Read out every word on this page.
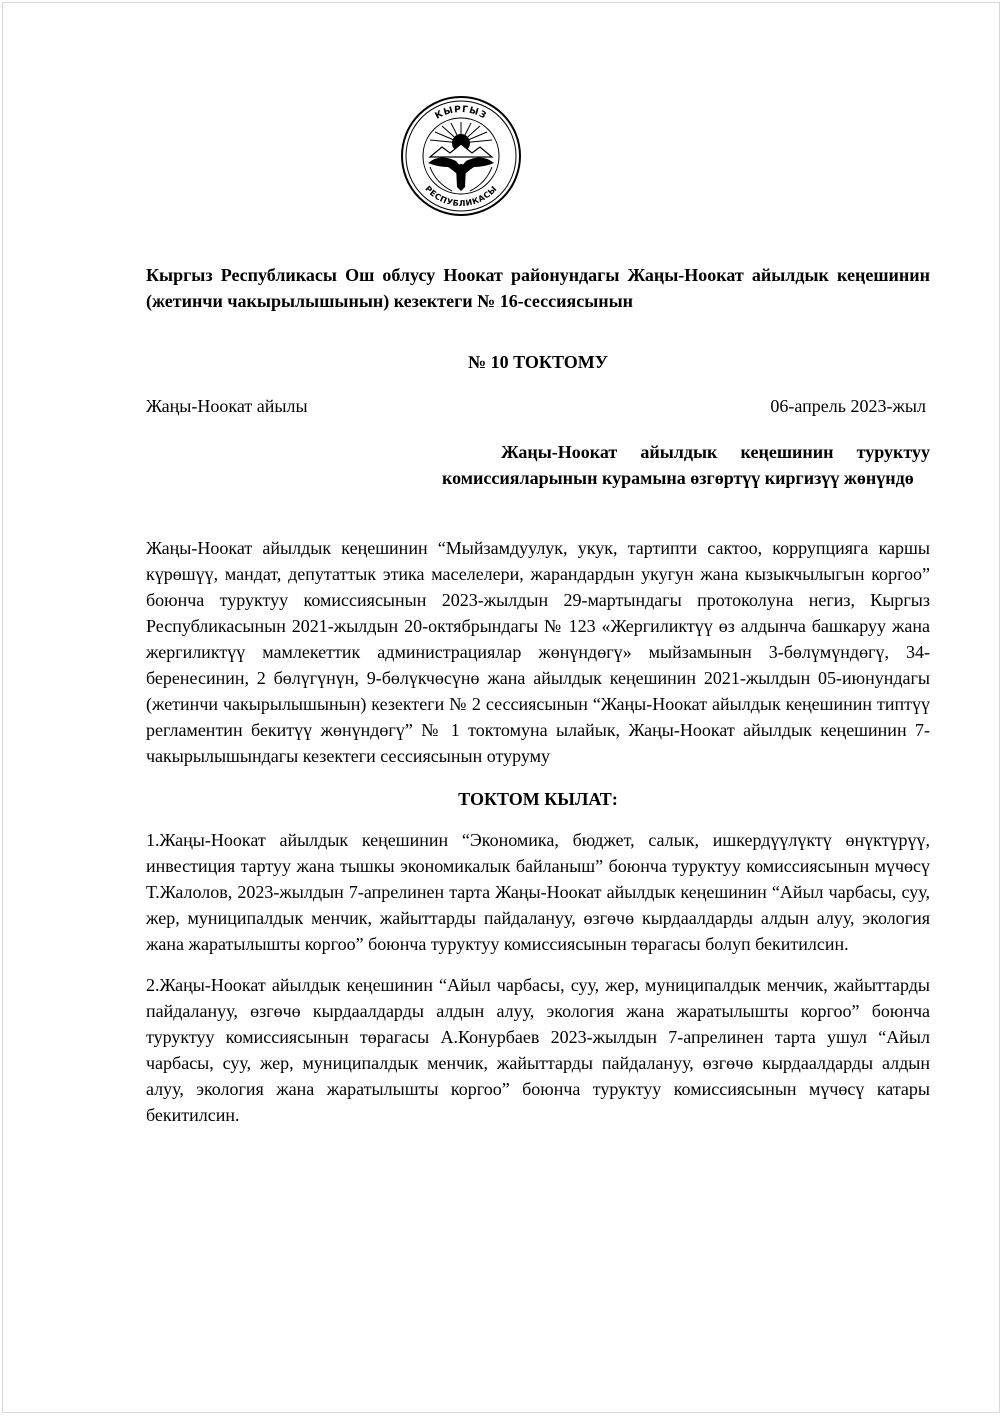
КЫРГЫЗ
РЕСПУБЛИКАСЫ
Кыргыз Республикасы Ош облусу Ноокат районундагы Жаңы-Ноокат айылдык кеңешинин (жетинчи чакырылышынын) кезектеги № 16-сессиясынын
№ 10 ТОКТОМУ
Жаңы-Ноокат айылы	06-апрель 2023-жыл
Жаңы-Ноокат айылдык кеңешинин туруктуу комиссияларынын курамына өзгөртүү киргизүү жөнүндө
Жаңы-Ноокат айылдык кеңешинин “Мыйзамдуулук, укук, тартипти сактоо, коррупцияга каршы күрөшүү, мандат, депутаттык этика маселелери, жарандардын укугун жана кызыкчылыгын коргоо” боюнча туруктуу комиссиясынын 2023-жылдын 29-мартындагы протоколуна негиз, Кыргыз Республикасынын 2021-жылдын 20-октябрындагы № 123 «Жергиликтүү өз алдынча башкаруу жана жергиликтүү мамлекеттик администрациялар жөнүндөгү» мыйзамынын 3-бөлүмүндөгү, 34-беренесинин, 2 бөлүгүнүн, 9-бөлүкчөсүнө жана айылдык кеңешинин 2021-жылдын 05-июнундагы (жетинчи чакырылышынын) кезектеги № 2 сессиясынын “Жаңы-Ноокат айылдык кеңешинин типтүү регламентин бекитүү жөнүндөгү” № 1 токтомуна ылайык, Жаңы-Ноокат айылдык кеңешинин 7-чакырылышындагы кезектеги сессиясынын отуруму
ТОКТОМ КЫЛАТ:
1.Жаңы-Ноокат айылдык кеңешинин “Экономика, бюджет, салык, ишкердүүлүктү өнүктүрүү, инвестиция тартуу жана тышкы экономикалык байланыш” боюнча туруктуу комиссиясынын мүчөсү Т.Жалолов, 2023-жылдын 7-апрелинен тарта Жаңы-Ноокат айылдык кеңешинин “Айыл чарбасы, суу, жер, муниципалдык менчик, жайыттарды пайдалануу, өзгөчө кырдаалдарды алдын алуу, экология жана жаратылышты коргоо” боюнча туруктуу комиссиясынын төрагасы болуп бекитилсин.
2.Жаңы-Ноокат айылдык кеңешинин “Айыл чарбасы, суу, жер, муниципалдык менчик, жайыттарды пайдалануу, өзгөчө кырдаалдарды алдын алуу, экология жана жаратылышты коргоо” боюнча туруктуу комиссиясынын төрагасы А.Конурбаев 2023-жылдын 7-апрелинен тарта ушул “Айыл чарбасы, суу, жер, муниципалдык менчик, жайыттарды пайдалануу, өзгөчө кырдаалдарды алдын алуу, экология жана жаратылышты коргоо” боюнча туруктуу комиссиясынын мүчөсү катары бекитилсин.
